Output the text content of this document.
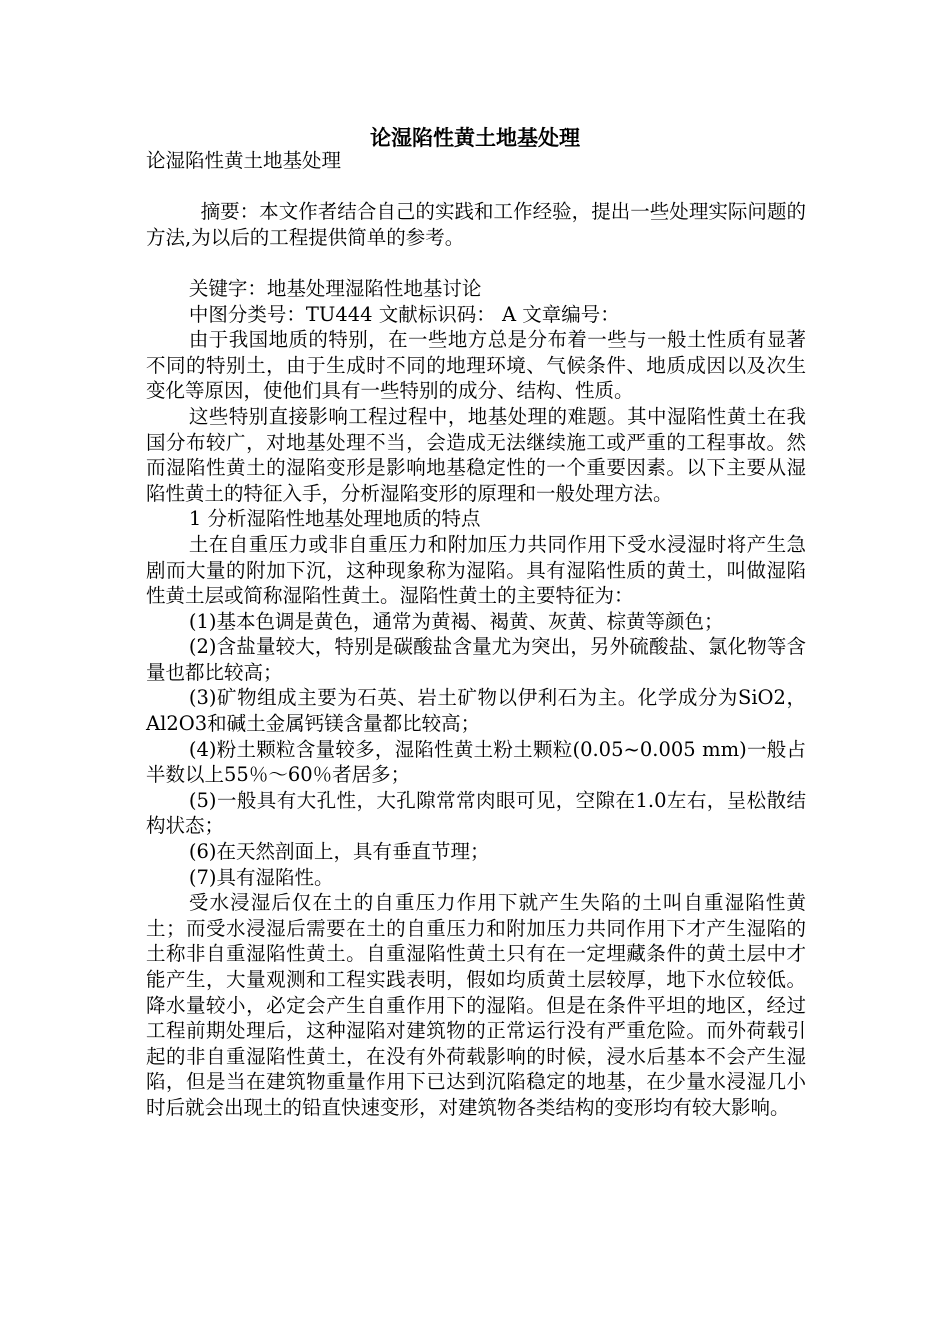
论湿陷性黄土地基处理

论湿陷性黄土地基处理

摘要：本文作者结合自己的实践和工作经验，提出一些处理实际问题的方法,为以后的工程提供简单的参考。

关键字：地基处理湿陷性地基讨论

中图分类号：TU444 文献标识码： A 文章编号：

由于我国地质的特别，在一些地方总是分布着一些与一般土性质有显著不同的特别土，由于生成时不同的地理环境、气候条件、地质成因以及次生变化等原因，使他们具有一些特别的成分、结构、性质。

这些特别直接影响工程过程中，地基处理的难题。其中湿陷性黄土在我国分布较广，对地基处理不当，会造成无法继续施工或严重的工程事故。然而湿陷性黄土的湿陷变形是影响地基稳定性的一个重要因素。以下主要从湿陷性黄土的特征入手，分析湿陷变形的原理和一般处理方法。

1 分析湿陷性地基处理地质的特点

土在自重压力或非自重压力和附加压力共同作用下受水浸湿时将产生急剧而大量的附加下沉，这种现象称为湿陷。具有湿陷性质的黄土，叫做湿陷性黄土层或简称湿陷性黄土。湿陷性黄土的主要特征为：

(1)基本色调是黄色，通常为黄褐、褐黄、灰黄、棕黄等颜色；

(2)含盐量较大，特别是碳酸盐含量尤为突出，另外硫酸盐、氯化物等含量也都比较高；

(3)矿物组成主要为石英、岩土矿物以伊利石为主。化学成分为SiO2，Al2O3和碱土金属钙镁含量都比较高；

(4)粉土颗粒含量较多，湿陷性黄土粉土颗粒(0.05~0.005 mm)一般占半数以上55％～60％者居多；

(5)一般具有大孔性，大孔隙常常肉眼可见，空隙在1.0左右，呈松散结构状态；

(6)在天然剖面上，具有垂直节理；

(7)具有湿陷性。

受水浸湿后仅在土的自重压力作用下就产生失陷的土叫自重湿陷性黄土；而受水浸湿后需要在土的自重压力和附加压力共同作用下才产生湿陷的土称非自重湿陷性黄土。自重湿陷性黄土只有在一定埋藏条件的黄土层中才能产生，大量观测和工程实践表明，假如均质黄土层较厚，地下水位较低。降水量较小，必定会产生自重作用下的湿陷。但是在条件平坦的地区，经过工程前期处理后，这种湿陷对建筑物的正常运行没有严重危险。而外荷载引起的非自重湿陷性黄土，在没有外荷载影响的时候，浸水后基本不会产生湿陷，但是当在建筑物重量作用下已达到沉陷稳定的地基，在少量水浸湿几小时后就会出现土的铅直快速变形，对建筑物各类结构的变形均有较大影响。
